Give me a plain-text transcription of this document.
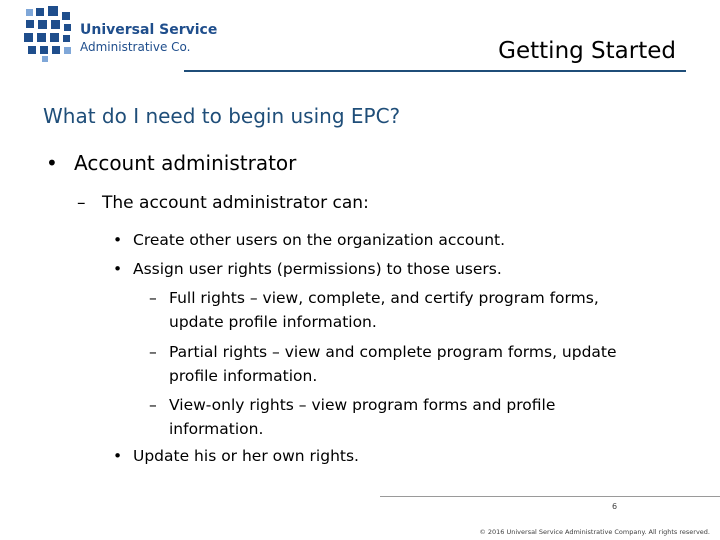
Universal Service
Administrative Co.	Getting Started
What do I need to begin using EPC?
• Account administrator
– The account administrator can:
• Create other users on the organization account.
• Assign user rights (permissions) to those users.
– Full rights – view, complete, and certify program forms,
update profile information.
– Partial rights – view and complete program forms, update
profile information.
– View-only rights – view program forms and profile
information.
• Update his or her own rights.
6
© 2016 Universal Service Administrative Company. All rights reserved.
